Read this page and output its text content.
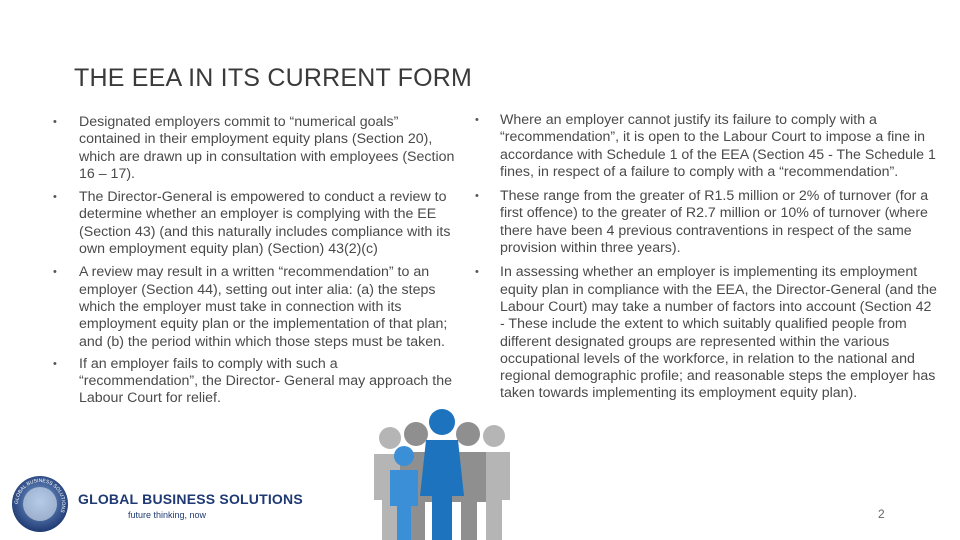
THE EEA IN ITS CURRENT FORM
• Designated employers commit to “numerical goals” contained in their employment equity plans (Section 20), which are drawn up in consultation with employees (Section 16 – 17).
• The Director-General is empowered to conduct a review to determine whether an employer is complying with the EE (Section 43) (and this naturally includes compliance with its own employment equity plan) (Section) 43(2)(c)
• A review may result in a written “recommendation” to an employer (Section 44), setting out inter alia: (a) the steps which the employer must take in connection with its employment equity plan or the implementation of that plan; and (b) the period within which those steps must be taken.
• If an employer fails to comply with such a “recommendation”, the Director- General may approach the Labour Court for relief.
• Where an employer cannot justify its failure to comply with a “recommendation”, it is open to the Labour Court to impose a fine in accordance with Schedule 1 of the EEA (Section 45 - The Schedule 1 fines, in respect of a failure to comply with a “recommendation”.
• These range from the greater of R1.5 million or 2% of turnover (for a first offence) to the greater of R2.7 million or 10% of turnover (where there have been 4 previous contraventions in respect of the same provision within three years).
• In assessing whether an employer is implementing its employment equity plan in compliance with the EEA, the Director-General (and the Labour Court) may take a number of factors into account (Section 42 - These include the extent to which suitably qualified people from different designated groups are represented within the various occupational levels of the workforce, in relation to the national and regional demographic profile; and reasonable steps the employer has taken towards implementing its employment equity plan).
GLOBAL BUSINESS SOLUTIONS
GLOBAL BUSINESS SOLUTIONS
future thinking, now	2
